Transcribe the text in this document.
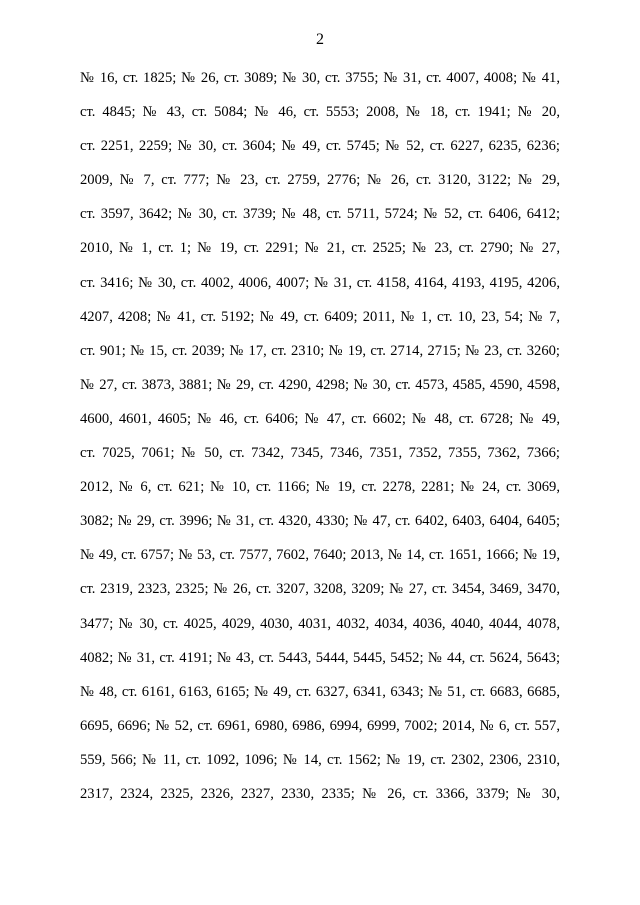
2
№ 16, ст. 1825; № 26, ст. 3089; № 30, ст. 3755; № 31, ст. 4007, 4008; № 41,
ст. 4845; № 43, ст. 5084; № 46, ст. 5553; 2008, № 18, ст. 1941; № 20,
ст. 2251, 2259; № 30, ст. 3604; № 49, ст. 5745; № 52, ст. 6227, 6235, 6236;
2009, № 7, ст. 777; № 23, ст. 2759, 2776; № 26, ст. 3120, 3122; № 29,
ст. 3597, 3642; № 30, ст. 3739; № 48, ст. 5711, 5724; № 52, ст. 6406, 6412;
2010, № 1, ст. 1; № 19, ст. 2291; № 21, ст. 2525; № 23, ст. 2790; № 27,
ст. 3416; № 30, ст. 4002, 4006, 4007; № 31, ст. 4158, 4164, 4193, 4195, 4206,
4207, 4208; № 41, ст. 5192; № 49, ст. 6409; 2011, № 1, ст. 10, 23, 54; № 7,
ст. 901; № 15, ст. 2039; № 17, ст. 2310; № 19, ст. 2714, 2715; № 23, ст. 3260;
№ 27, ст. 3873, 3881; № 29, ст. 4290, 4298; № 30, ст. 4573, 4585, 4590, 4598,
4600, 4601, 4605; № 46, ст. 6406; № 47, ст. 6602; № 48, ст. 6728; № 49,
ст. 7025, 7061; № 50, ст. 7342, 7345, 7346, 7351, 7352, 7355, 7362, 7366;
2012, № 6, ст. 621; № 10, ст. 1166; № 19, ст. 2278, 2281; № 24, ст. 3069,
3082; № 29, ст. 3996; № 31, ст. 4320, 4330; № 47, ст. 6402, 6403, 6404, 6405;
№ 49, ст. 6757; № 53, ст. 7577, 7602, 7640; 2013, № 14, ст. 1651, 1666; № 19,
ст. 2319, 2323, 2325; № 26, ст. 3207, 3208, 3209; № 27, ст. 3454, 3469, 3470,
3477; № 30, ст. 4025, 4029, 4030, 4031, 4032, 4034, 4036, 4040, 4044, 4078,
4082; № 31, ст. 4191; № 43, ст. 5443, 5444, 5445, 5452; № 44, ст. 5624, 5643;
№ 48, ст. 6161, 6163, 6165; № 49, ст. 6327, 6341, 6343; № 51, ст. 6683, 6685,
6695, 6696; № 52, ст. 6961, 6980, 6986, 6994, 6999, 7002; 2014, № 6, ст. 557,
559, 566; № 11, ст. 1092, 1096; № 14, ст. 1562; № 19, ст. 2302, 2306, 2310,
2317, 2324, 2325, 2326, 2327, 2330, 2335; № 26, ст. 3366, 3379; № 30,
